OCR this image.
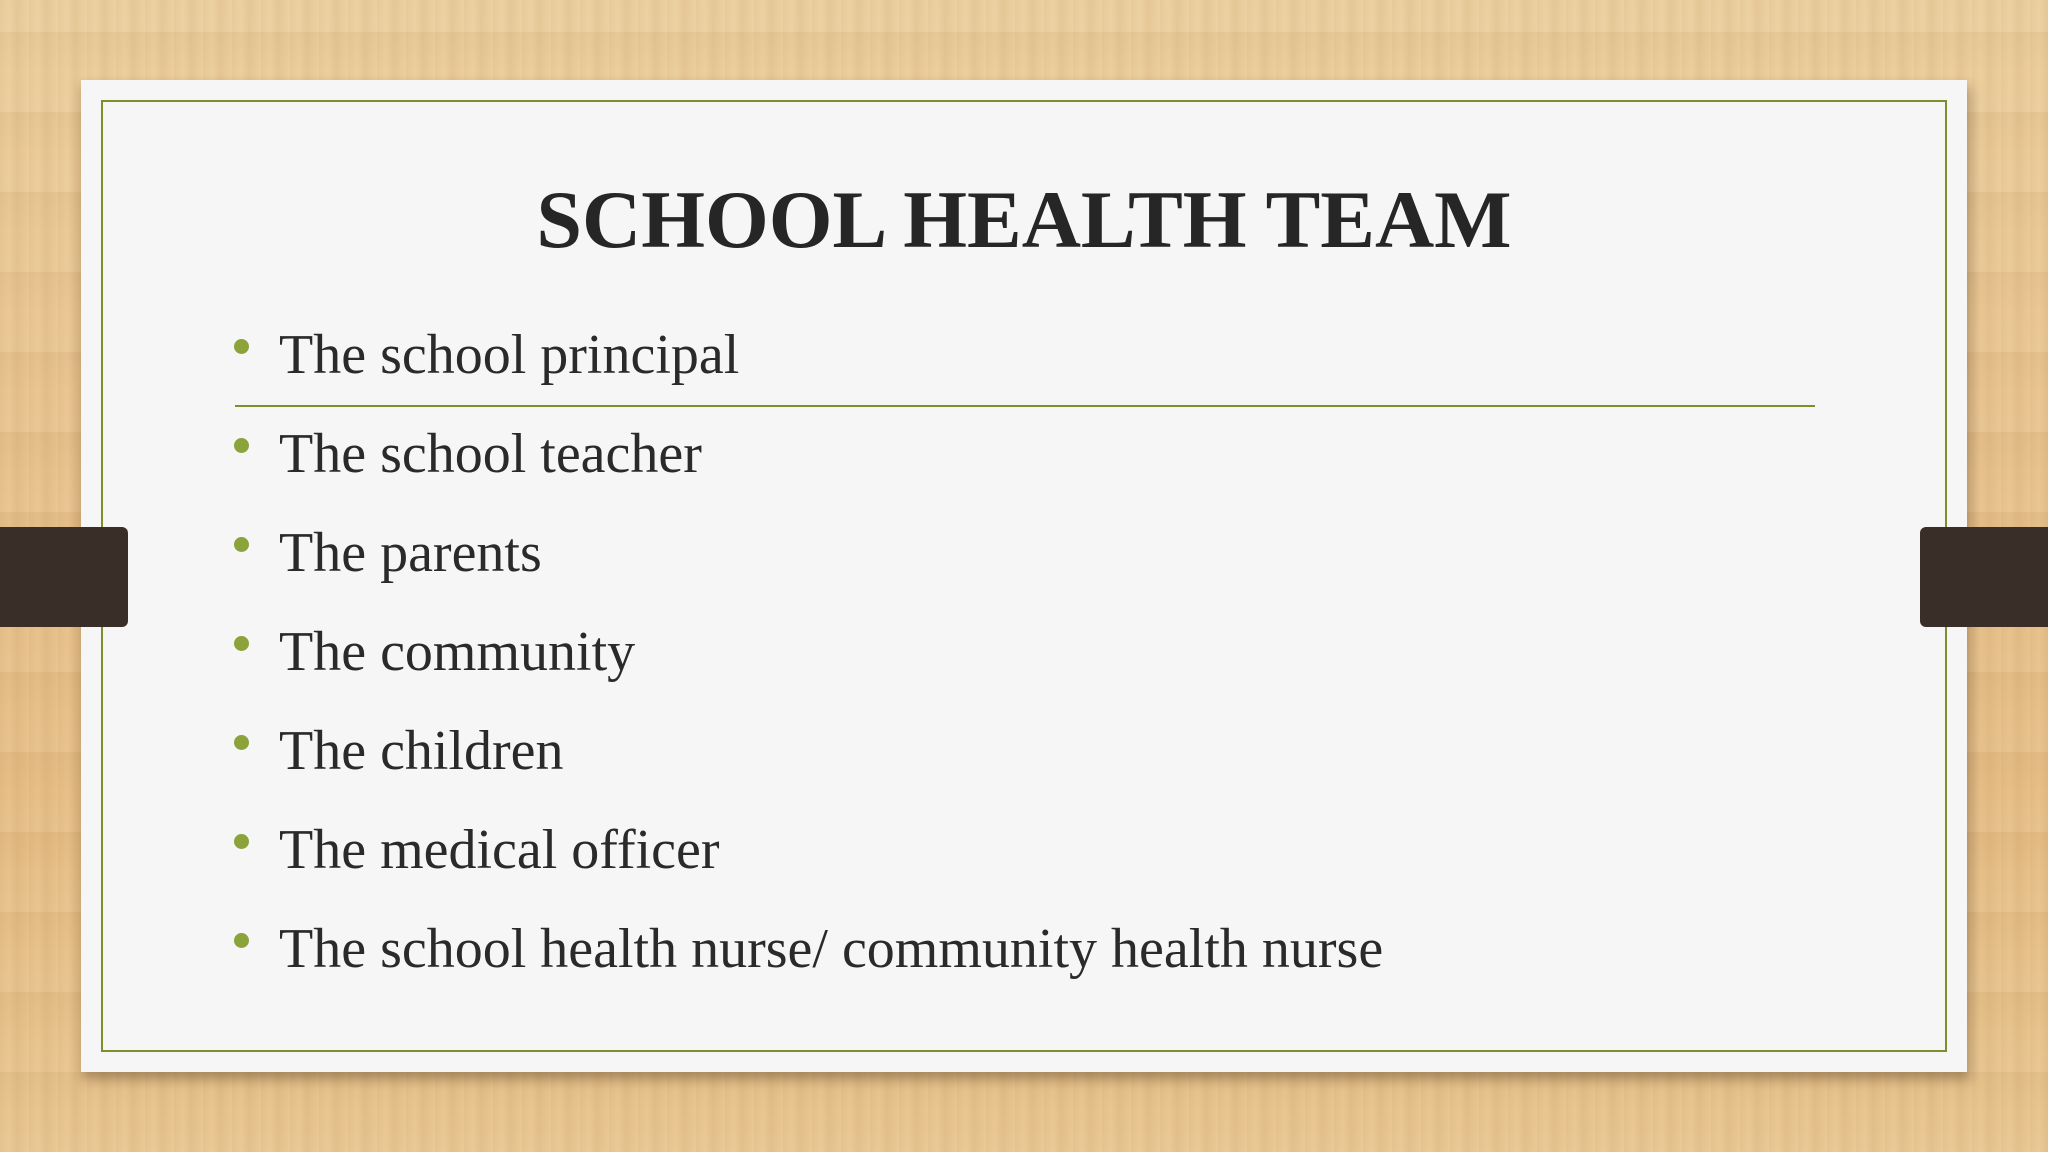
SCHOOL HEALTH TEAM
The school principal
The school teacher
The parents
The community
The children
The medical officer
The school health nurse/ community health nurse
